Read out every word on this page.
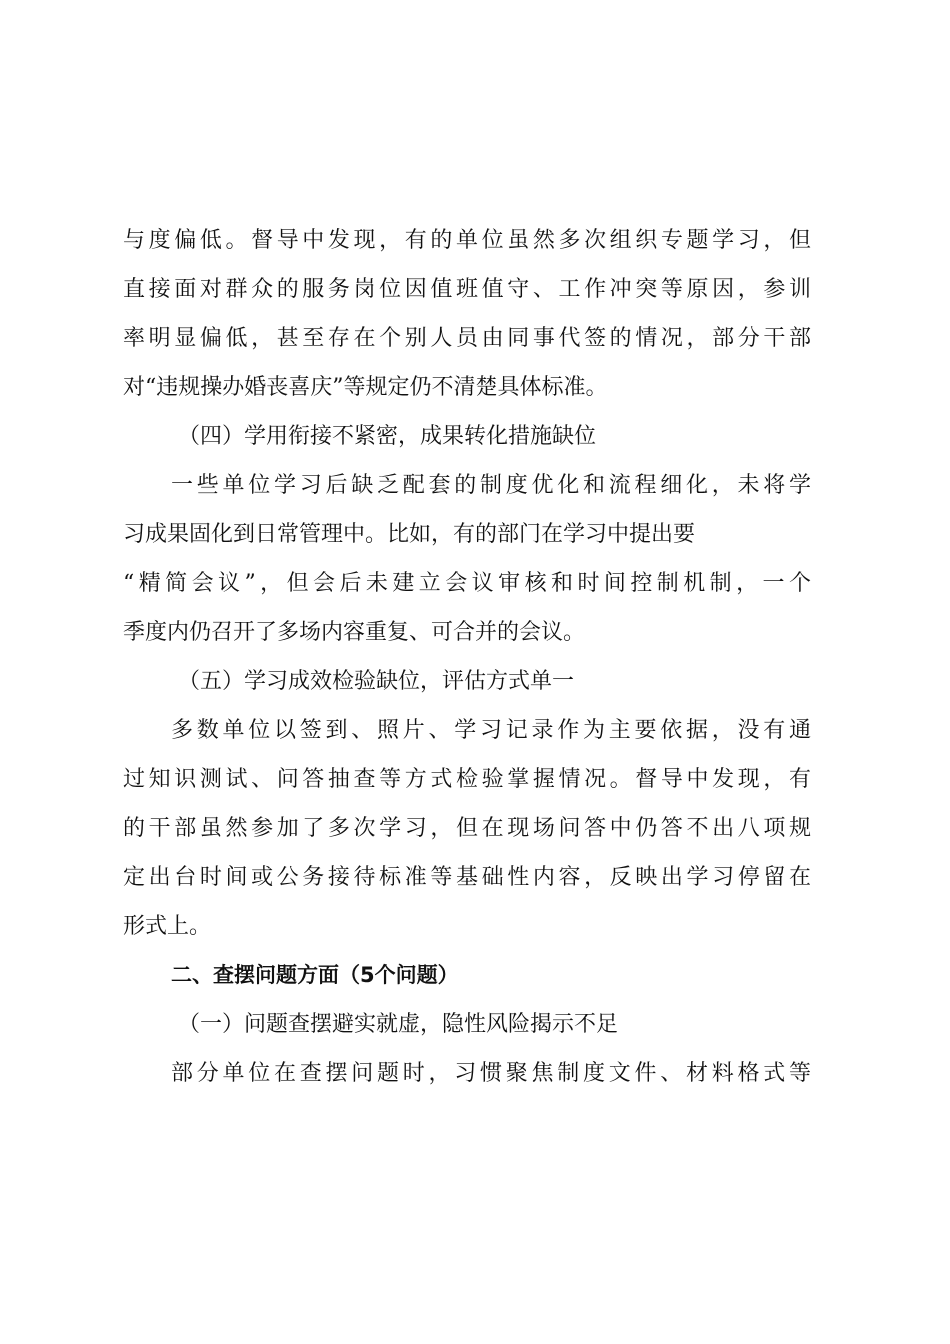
与度偏低。督导中发现，有的单位虽然多次组织专题学习，但
直接面对群众的服务岗位因值班值守、工作冲突等原因，参训
率明显偏低，甚至存在个别人员由同事代签的情况，部分干部
对“违规操办婚丧喜庆”等规定仍不清楚具体标准。
（四）学用衔接不紧密，成果转化措施缺位
一些单位学习后缺乏配套的制度优化和流程细化，未将学
习成果固化到日常管理中。比如，有的部门在学习中提出要
“精简会议”，但会后未建立会议审核和时间控制机制，一个
季度内仍召开了多场内容重复、可合并的会议。
（五）学习成效检验缺位，评估方式单一
多数单位以签到、照片、学习记录作为主要依据，没有通
过知识测试、问答抽查等方式检验掌握情况。督导中发现，有
的干部虽然参加了多次学习，但在现场问答中仍答不出八项规
定出台时间或公务接待标准等基础性内容，反映出学习停留在
形式上。
二、查摆问题方面（5个问题）
（一）问题查摆避实就虚，隐性风险揭示不足
部分单位在查摆问题时，习惯聚焦制度文件、材料格式等
